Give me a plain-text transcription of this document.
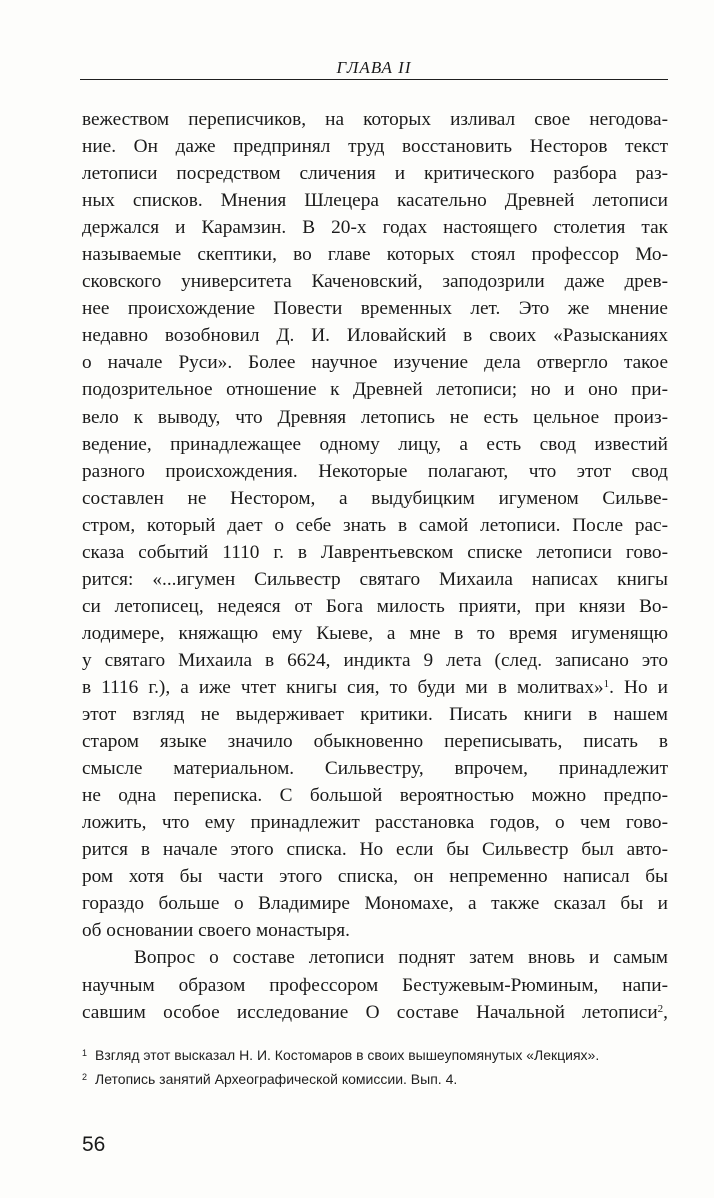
ГЛАВА II
вежеством переписчиков, на которых изливал свое негодова-
ние. Он даже предпринял труд восстановить Несторов текст
летописи посредством сличения и критического разбора раз-
ных списков. Мнения Шлецера касательно Древней летописи
держался и Карамзин. В 20-х годах настоящего столетия так
называемые скептики, во главе которых стоял профессор Мо-
сковского университета Каченовский, заподозрили даже древ-
нее происхождение Повести временных лет. Это же мнение
недавно возобновил Д. И. Иловайский в своих «Разысканиях
о начале Руси». Более научное изучение дела отвергло такое
подозрительное отношение к Древней летописи; но и оно при-
вело к выводу, что Древняя летопись не есть цельное произ-
ведение, принадлежащее одному лицу, а есть свод известий
разного происхождения. Некоторые полагают, что этот свод
составлен не Нестором, а выдубицким игуменом Сильве-
стром, который дает о себе знать в самой летописи. После рас-
сказа событий 1110 г. в Лаврентьевском списке летописи гово-
рится: «...игумен Сильвестр святаго Михаила написах книгы
си летописец, недеяся от Бога милость прияти, при князи Во-
лодимере, княжащю ему Кыеве, а мне в то время игуменящю
у святаго Михаила в 6624, индикта 9 лета (след. записано это
в 1116 г.), а иже чтет книгы сия, то буди ми в молитвах»$^1$. Но и
этот взгляд не выдерживает критики. Писать книги в нашем
старом языке значило обыкновенно переписывать, писать в
смысле материальном. Сильвестру, впрочем, принадлежит
не одна переписка. С большой вероятностью можно предпо-
ложить, что ему принадлежит расстановка годов, о чем гово-
рится в начале этого списка. Но если бы Сильвестр был авто-
ром хотя бы части этого списка, он непременно написал бы
гораздо больше о Владимире Мономахе, а также сказал бы и
об основании своего монастыря.
Вопрос о составе летописи поднят затем вновь и самым
научным образом профессором Бестужевым-Рюминым, напи-
савшим особое исследование О составе Начальной летописи$^2$,
$^1$ Взгляд этот высказал Н. И. Костомаров в своих вышеупомянутых «Лекциях».
$^2$ Летопись занятий Археографической комиссии. Вып. 4.
56
